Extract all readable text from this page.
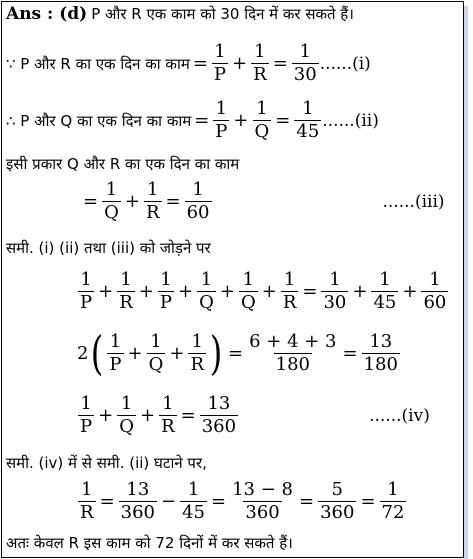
Ans : (d) P और R एक काम को 30 दिन में कर सकते हैं।
∵ P और R का एक दिन का काम = $\frac{1}{P} + \frac{1}{R} = \frac{1}{30} ......(i)$
∴ P और Q का एक दिन का काम = $\frac{1}{P} + \frac{1}{Q} = \frac{1}{45} ......(ii)$
इसी प्रकार Q और R का एक दिन का काम
= $\frac{1}{Q} + \frac{1}{R} = \frac{1}{60}$	......(iii)
समी. (i) (ii) तथा (iii) को जोड़ने पर
$\frac{1}{P} + \frac{1}{R} + \frac{1}{P} + \frac{1}{Q} + \frac{1}{Q} + \frac{1}{R} = \frac{1}{30} + \frac{1}{45} + \frac{1}{60}$
2 ( $\frac{1}{P} + \frac{1}{Q} + \frac{1}{R}$ ) = $\frac{6 + 4 + 3}{180} = \frac{13}{180}$
$\frac{1}{P} + \frac{1}{Q} + \frac{1}{R} = \frac{13}{360}$	......(iv)
समी. (iv) में से समी. (ii) घटाने पर,
$\frac{1}{R} = \frac{13}{360} - \frac{1}{45} = \frac{13 - 8}{360} = \frac{5}{360} = \frac{1}{72}$
अतः केवल R इस काम को 72 दिनों में कर सकते हैं।
